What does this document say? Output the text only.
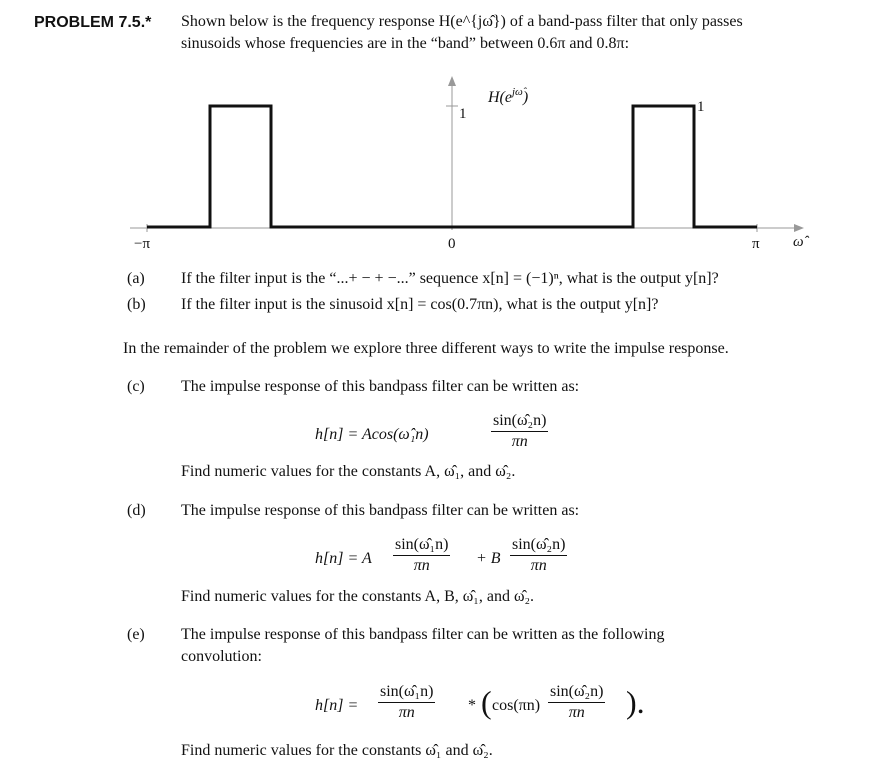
PROBLEM 7.5.* Shown below is the frequency response H(e^{jω̂}) of a band-pass filter that only passes
sinusoids whose frequencies are in the “band” between 0.6π and 0.8π:
1	1
−π	0	π ω̂
$H(e^{j\omegâ})$
(a) If the filter input is the “...+ − + −...” sequence x[n] = (−1)ⁿ, what is the output y[n]?
(b) If the filter input is the sinusoid x[n] = cos(0.7πn), what is the output y[n]?
In the remainder of the problem we explore three different ways to write the impulse response.
(c) The impulse response of this bandpass filter can be written as:
h[n] = Acos(ω̂₁n)
sin(ω̂₂n)
πn
Find numeric values for the constants A, ω̂₁, and ω̂₂.
(d) The impulse response of this bandpass filter can be written as:
h[n] = A
sin(ω̂₁n)
πn	+ B
sin(ω̂₂n)
πn
Find numeric values for the constants A, B, ω̂₁, and ω̂₂.
(e) The impulse response of this bandpass filter can be written as the following
convolution:
h[n] =
sin(ω̂₁n)
πn	* ( cos(πn)
sin(ω̂₂n)
πn	).
Find numeric values for the constants ω̂₁ and ω̂₂.
